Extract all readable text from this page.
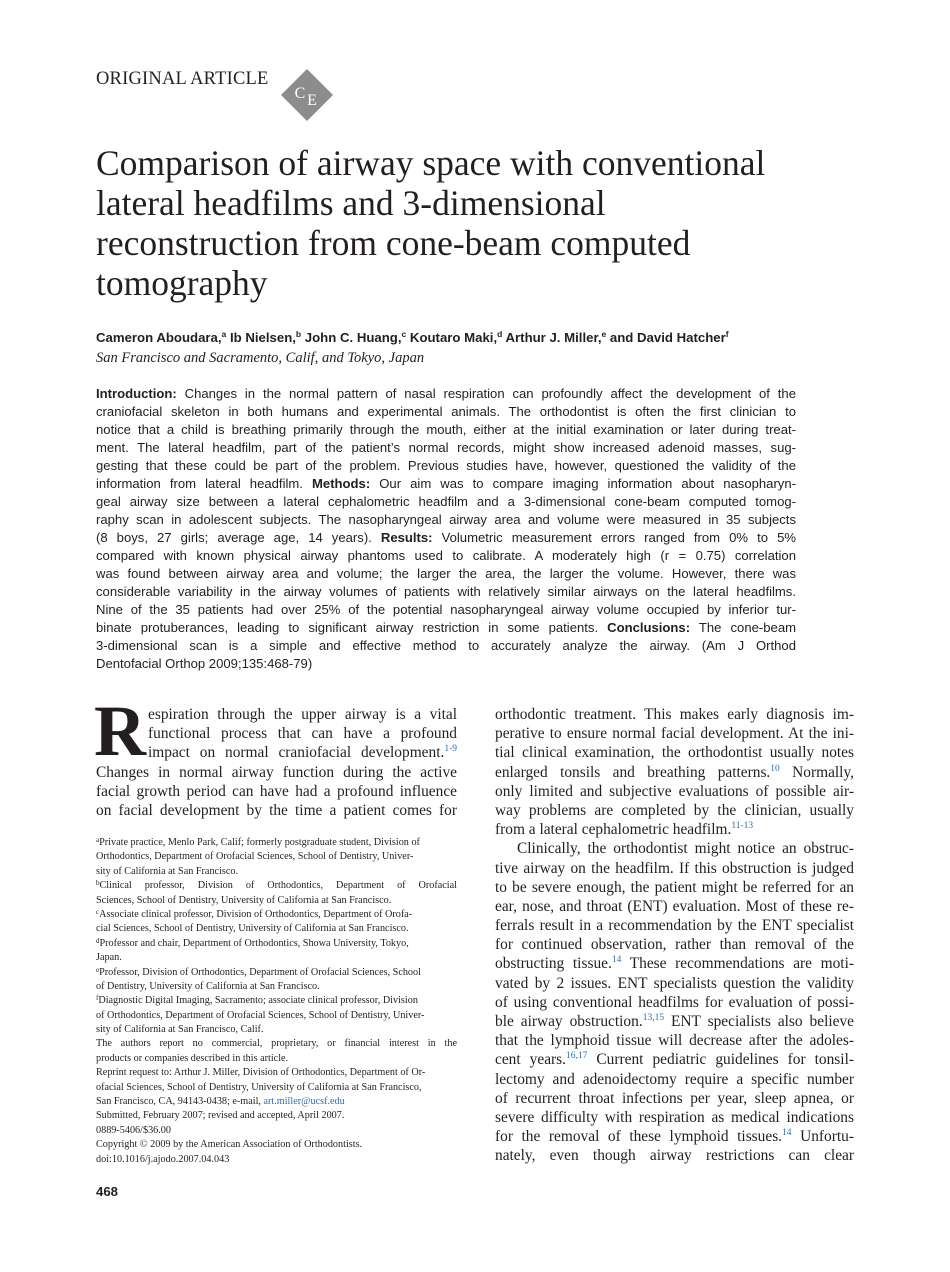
ORIGINAL ARTICLE
C E
Comparison of airway space with conventional
lateral headfilms and 3-dimensional
reconstruction from cone-beam computed
tomography
Cameron Aboudara,$^a$ Ib Nielsen,$^b$ John C. Huang,$^c$ Koutaro Maki,$^d$ Arthur J. Miller,$^e$ and David Hatcher$^f$
San Francisco and Sacramento, Calif, and Tokyo, Japan
Introduction: Changes in the normal pattern of nasal respiration can profoundly affect the development of the
craniofacial skeleton in both humans and experimental animals. The orthodontist is often the first clinician to
notice that a child is breathing primarily through the mouth, either at the initial examination or later during treat-
ment. The lateral headfilm, part of the patient’s normal records, might show increased adenoid masses, sug-
gesting that these could be part of the problem. Previous studies have, however, questioned the validity of the
information from lateral headfilm. Methods: Our aim was to compare imaging information about nasopharyn-
geal airway size between a lateral cephalometric headfilm and a 3-dimensional cone-beam computed tomog-
raphy scan in adolescent subjects. The nasopharyngeal airway area and volume were measured in 35 subjects
(8 boys, 27 girls; average age, 14 years). Results: Volumetric measurement errors ranged from 0% to 5%
compared with known physical airway phantoms used to calibrate. A moderately high (r = 0.75) correlation
was found between airway area and volume; the larger the area, the larger the volume. However, there was
considerable variability in the airway volumes of patients with relatively similar airways on the lateral headfilms.
Nine of the 35 patients had over 25% of the potential nasopharyngeal airway volume occupied by inferior tur-
binate protuberances, leading to significant airway restriction in some patients. Conclusions: The cone-beam
3-dimensional scan is a simple and effective method to accurately analyze the airway. (Am J Orthod
Dentofacial Orthop 2009;135:468-79)
R espiration through the upper airway is a vital
functional process that can have a profound
impact on normal craniofacial development.$^{1-9}$
Changes in normal airway function during the active
facial growth period can have had a profound influence
on facial development by the time a patient comes for
$^a$Private practice, Menlo Park, Calif; formerly postgraduate student, Division of
Orthodontics, Department of Orofacial Sciences, School of Dentistry, Univer-
sity of California at San Francisco.
$^b$Clinical professor, Division of Orthodontics, Department of Orofacial
Sciences, School of Dentistry, University of California at San Francisco.
$^c$Associate clinical professor, Division of Orthodontics, Department of Orofa-
cial Sciences, School of Dentistry, University of California at San Francisco.
$^d$Professor and chair, Department of Orthodontics, Showa University, Tokyo,
Japan.
$^e$Professor, Division of Orthodontics, Department of Orofacial Sciences, School
of Dentistry, University of California at San Francisco.
$^f$Diagnostic Digital Imaging, Sacramento; associate clinical professor, Division
of Orthodontics, Department of Orofacial Sciences, School of Dentistry, Univer-
sity of California at San Francisco, Calif.
The authors report no commercial, proprietary, or financial interest in the
products or companies described in this article.
Reprint request to: Arthur J. Miller, Division of Orthodontics, Department of Or-
ofacial Sciences, School of Dentistry, University of California at San Francisco,
San Francisco, CA, 94143-0438; e-mail, art.miller@ucsf.edu
Submitted, February 2007; revised and accepted, April 2007.
0889-5406/$36.00
Copyright © 2009 by the American Association of Orthodontists.
doi:10.1016/j.ajodo.2007.04.043
orthodontic treatment. This makes early diagnosis im-
perative to ensure normal facial development. At the ini-
tial clinical examination, the orthodontist usually notes
enlarged tonsils and breathing patterns.$^{10}$ Normally,
only limited and subjective evaluations of possible air-
way problems are completed by the clinician, usually
from a lateral cephalometric headfilm.$^{11-13}$
Clinically, the orthodontist might notice an obstruc-
tive airway on the headfilm. If this obstruction is judged
to be severe enough, the patient might be referred for an
ear, nose, and throat (ENT) evaluation. Most of these re-
ferrals result in a recommendation by the ENT specialist
for continued observation, rather than removal of the
obstructing tissue.$^{14}$ These recommendations are moti-
vated by 2 issues. ENT specialists question the validity
of using conventional headfilms for evaluation of possi-
ble airway obstruction.$^{13,15}$ ENT specialists also believe
that the lymphoid tissue will decrease after the adoles-
cent years.$^{16,17}$ Current pediatric guidelines for tonsil-
lectomy and adenoidectomy require a specific number
of recurrent throat infections per year, sleep apnea, or
severe difficulty with respiration as medical indications
for the removal of these lymphoid tissues.$^{14}$ Unfortu-
nately, even though airway restrictions can clear
468
